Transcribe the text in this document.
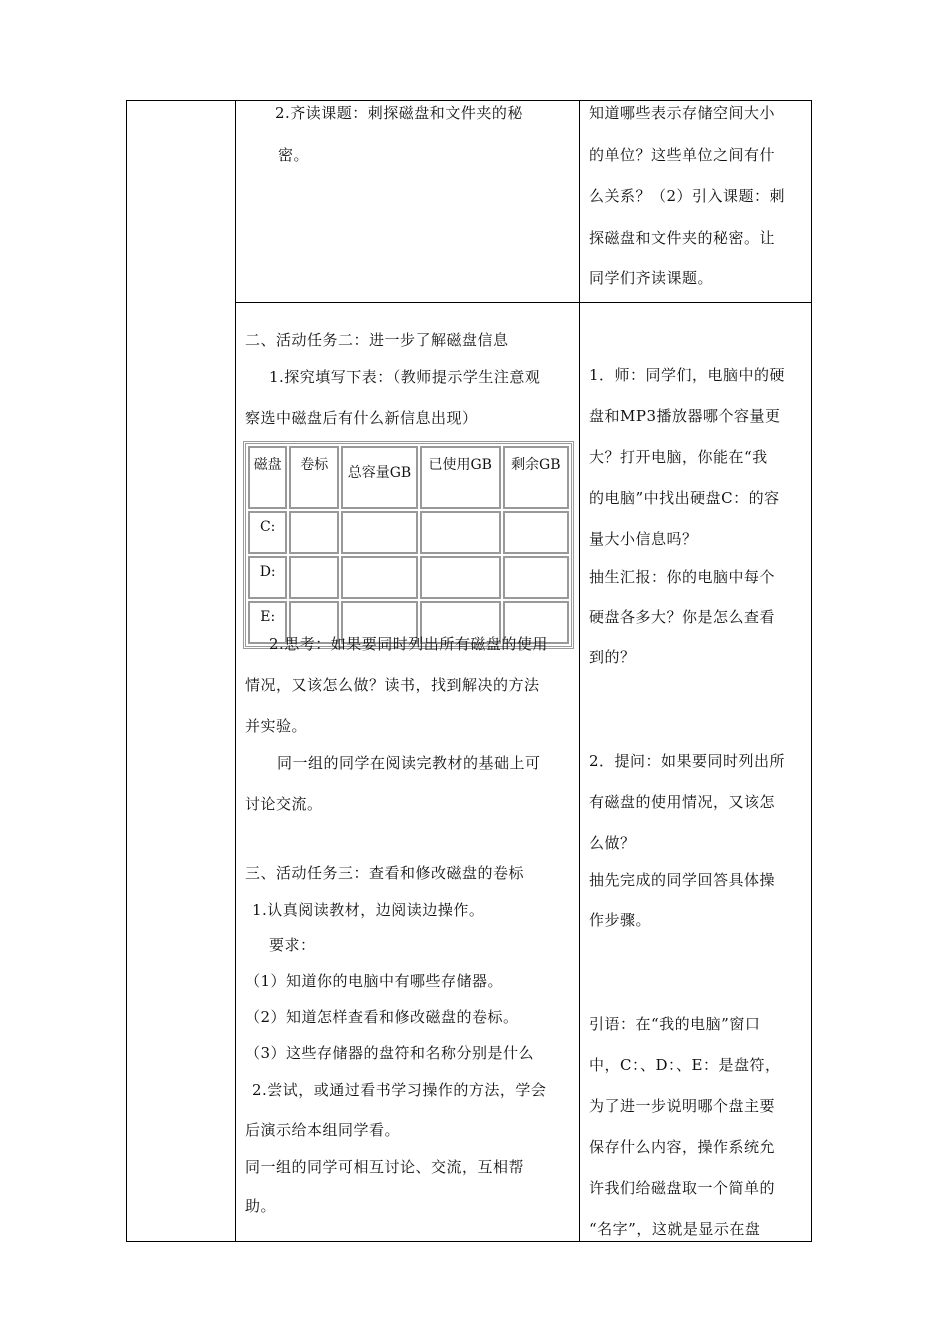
2.齐读课题：刺探磁盘和文件夹的秘
密。
二、活动任务二：进一步了解磁盘信息
1.探究填写下表：（教师提示学生注意观
察选中磁盘后有什么新信息出现）
磁盘	卷标	总容量GB	已使用GB	剩余GB
C:				
D:				
E:				
2.思考：如果要同时列出所有磁盘的使用
情况，又该怎么做？读书，找到解决的方法
并实验。
同一组的同学在阅读完教材的基础上可
讨论交流。
三、活动任务三：查看和修改磁盘的卷标
1.认真阅读教材，边阅读边操作。
要求：
（1）知道你的电脑中有哪些存储器。
（2）知道怎样查看和修改磁盘的卷标。
（3）这些存储器的盘符和名称分别是什么
2.尝试，或通过看书学习操作的方法，学会
后演示给本组同学看。
同一组的同学可相互讨论、交流，互相帮
助。
知道哪些表示存储空间大小
的单位？这些单位之间有什
么关系？（2）引入课题：刺
探磁盘和文件夹的秘密。让
同学们齐读课题。
1．师：同学们，电脑中的硬
盘和MP3播放器哪个容量更
大？打开电脑，你能在“我
的电脑”中找出硬盘C：的容
量大小信息吗？
抽生汇报：你的电脑中每个
硬盘各多大？你是怎么查看
到的？
2．提问：如果要同时列出所
有磁盘的使用情况，又该怎
么做？
抽先完成的同学回答具体操
作步骤。
引语：在“我的电脑”窗口
中，C：、D：、E：是盘符，
为了进一步说明哪个盘主要
保存什么内容，操作系统允
许我们给磁盘取一个简单的
“名字”，这就是显示在盘
